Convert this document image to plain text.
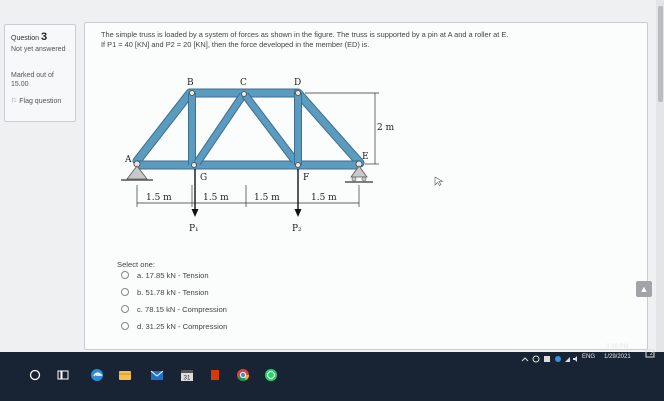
Question 3
Not yet answered
Marked out of 15.00
⚐ Flag question
The simple truss is loaded by a system of forces as shown in the figure. The truss is supported by a pin at A and a roller at E.
If P1 = 40 [KN] and P2 = 20 [KN], then the force developed in the member (ED) is.
A
B	C	D
E
F
G
2 m
1.5 m	1.5 m	1.5 m	1.5 m
P₁	P₂
Select one:
a. 17.85 kN - Tension
b. 51.78 kN - Tension
c. 78.15 kN - Compression
d. 31.25 kN - Compression
▲
31
ENG
3:38 PM
1/29/2021	2
